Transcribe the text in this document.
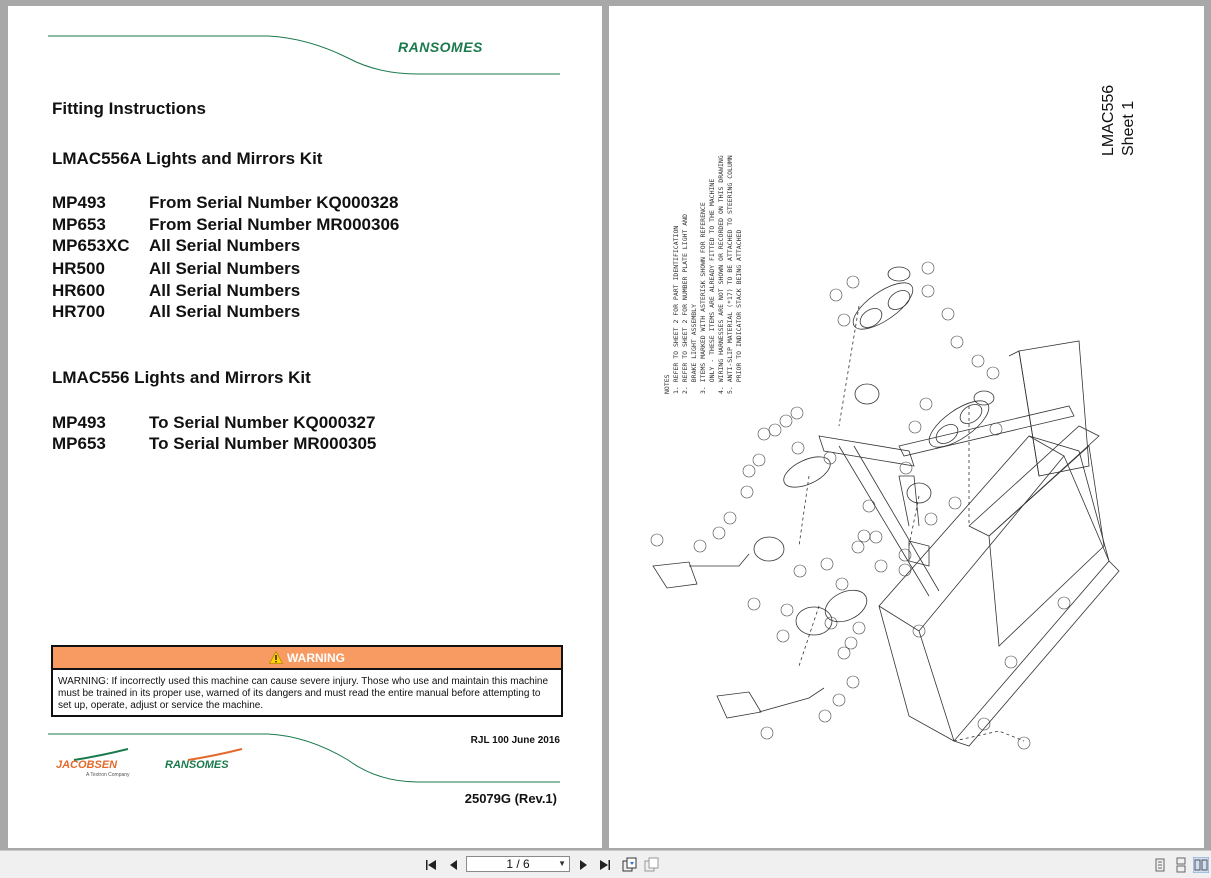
RANSOMES
Fitting Instructions
LMAC556A Lights and Mirrors Kit
MP493	From Serial Number KQ000328
MP653	From Serial Number MR000306
MP653XC All Serial Numbers
HR500	All Serial Numbers
HR600	All Serial Numbers
HR700	All Serial Numbers
LMAC556 Lights and Mirrors Kit
MP493	To Serial Number KQ000327
MP653	To Serial Number MR000305
WARNING
WARNING: If incorrectly used this machine can cause severe injury. Those who use and maintain this machine must be trained in its proper use, warned of its dangers and must read the entire manual before attempting to set up, operate, adjust or service the machine.
RJL 100 June 2016
JACOBSEN
A Textron Company
RANSOMES
25079G (Rev.1)
LMAC556 Sheet 1
NOTES
1. REFER TO SHEET 2 FOR PART IDENTIFICATION
2. REFER TO SHEET 2 FOR NUMBER PLATE LIGHT AND
BRAKE LIGHT ASSEMBLY
3. ITEMS MARKED WITH ASTERISK SHOWN FOR REFERENCE
ONLY - THESE ITEMS ARE ALREADY FITTED TO THE MACHINE
4. WIRING HARNESSES ARE NOT SHOWN OR RECORDED ON THIS DRAWING
5. ANTI-SLIP MATERIAL (*17) TO BE ATTACHED TO STEERING COLUMN
PRIOR TO INDICATOR STACK BEING ATTACHED
1 / 6	▼
